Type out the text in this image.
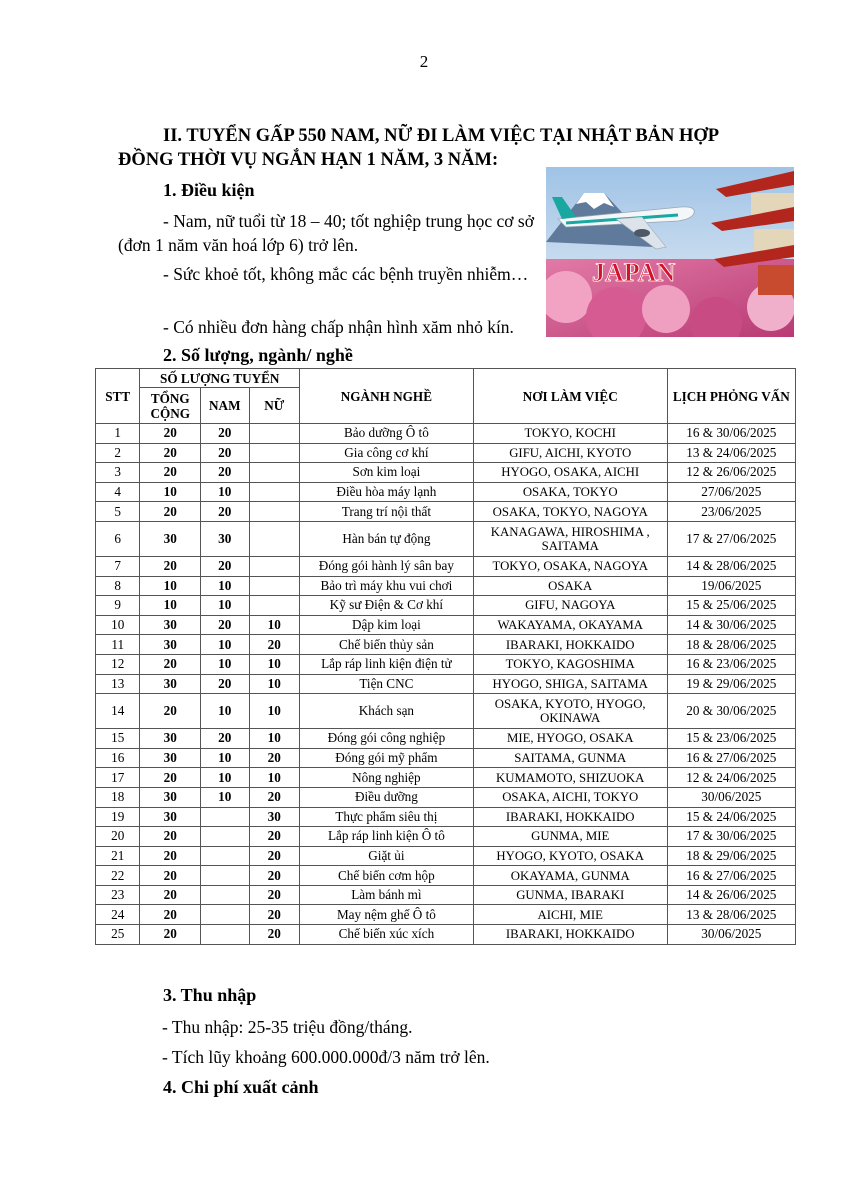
2

II. TUYỂN GẤP 550 NAM, NỮ ĐI LÀM VIỆC TẠI NHẬT BẢN HỢP ĐỒNG THỜI VỤ NGẮN HẠN 1 NĂM, 3 NĂM:

1. Điều kiện

- Nam, nữ tuổi từ 18 – 40; tốt nghiệp trung học cơ sở (đơn 1 năm văn hoá lớp 6) trở lên.

- Sức khoẻ tốt, không mắc các bệnh truyền nhiễm…

- Có nhiều đơn hàng chấp nhận hình xăm nhỏ kín.

JAPAN

2. Số lượng, ngành/ nghề

STT	SỐ LƯỢNG TUYỂN			NGÀNH NGHỀ	NƠI LÀM VIỆC	LỊCH PHỎNG VẤN
	TỔNG CỘNG	NAM	NỮ			

1	20	20		Bảo dưỡng Ô tô	TOKYO, KOCHI	16 & 30/06/2025
2	20	20		Gia công cơ khí	GIFU, AICHI, KYOTO	13 & 24/06/2025
3	20	20		Sơn kim loại	HYOGO, OSAKA, AICHI	12 & 26/06/2025
4	10	10		Điều hòa máy lạnh	OSAKA, TOKYO	27/06/2025
5	20	20		Trang trí nội thất	OSAKA, TOKYO, NAGOYA	23/06/2025
6	30	30		Hàn bán tự động	KANAGAWA, HIROSHIMA , SAITAMA	17 & 27/06/2025
7	20	20		Đóng gói hành lý sân bay	TOKYO, OSAKA, NAGOYA	14 & 28/06/2025
8	10	10		Bảo trì máy khu vui chơi	OSAKA	19/06/2025
9	10	10		Kỹ sư Điện & Cơ khí	GIFU, NAGOYA	15 & 25/06/2025
10	30	20	10	Dập kim loại	WAKAYAMA, OKAYAMA	14 & 30/06/2025
11	30	10	20	Chế biến thủy sản	IBARAKI, HOKKAIDO	18 & 28/06/2025
12	20	10	10	Lắp ráp linh kiện điện tử	TOKYO, KAGOSHIMA	16 & 23/06/2025
13	30	20	10	Tiện CNC	HYOGO, SHIGA, SAITAMA	19 & 29/06/2025
14	20	10	10	Khách sạn	OSAKA, KYOTO, HYOGO, OKINAWA	20 & 30/06/2025
15	30	20	10	Đóng gói công nghiệp	MIE, HYOGO, OSAKA	15 & 23/06/2025
16	30	10	20	Đóng gói mỹ phẩm	SAITAMA, GUNMA	16 & 27/06/2025
17	20	10	10	Nông nghiệp	KUMAMOTO, SHIZUOKA	12 & 24/06/2025
18	30	10	20	Điều dưỡng	OSAKA, AICHI, TOKYO	30/06/2025
19	30		30	Thực phẩm siêu thị	IBARAKI, HOKKAIDO	15 & 24/06/2025
20	20		20	Lắp ráp linh kiện Ô tô	GUNMA, MIE	17 & 30/06/2025
21	20		20	Giặt ủi	HYOGO, KYOTO, OSAKA	18 & 29/06/2025
22	20		20	Chế biến cơm hộp	OKAYAMA, GUNMA	16 & 27/06/2025
23	20		20	Làm bánh mì	GUNMA, IBARAKI	14 & 26/06/2025
24	20		20	May nệm ghế Ô tô	AICHI, MIE	13 & 28/06/2025
25	20		20	Chế biến xúc xích	IBARAKI, HOKKAIDO	30/06/2025

3. Thu nhập

- Thu nhập: 25-35 triệu đồng/tháng.

- Tích lũy khoảng 600.000.000đ/3 năm trở lên.

4. Chi phí xuất cảnh
